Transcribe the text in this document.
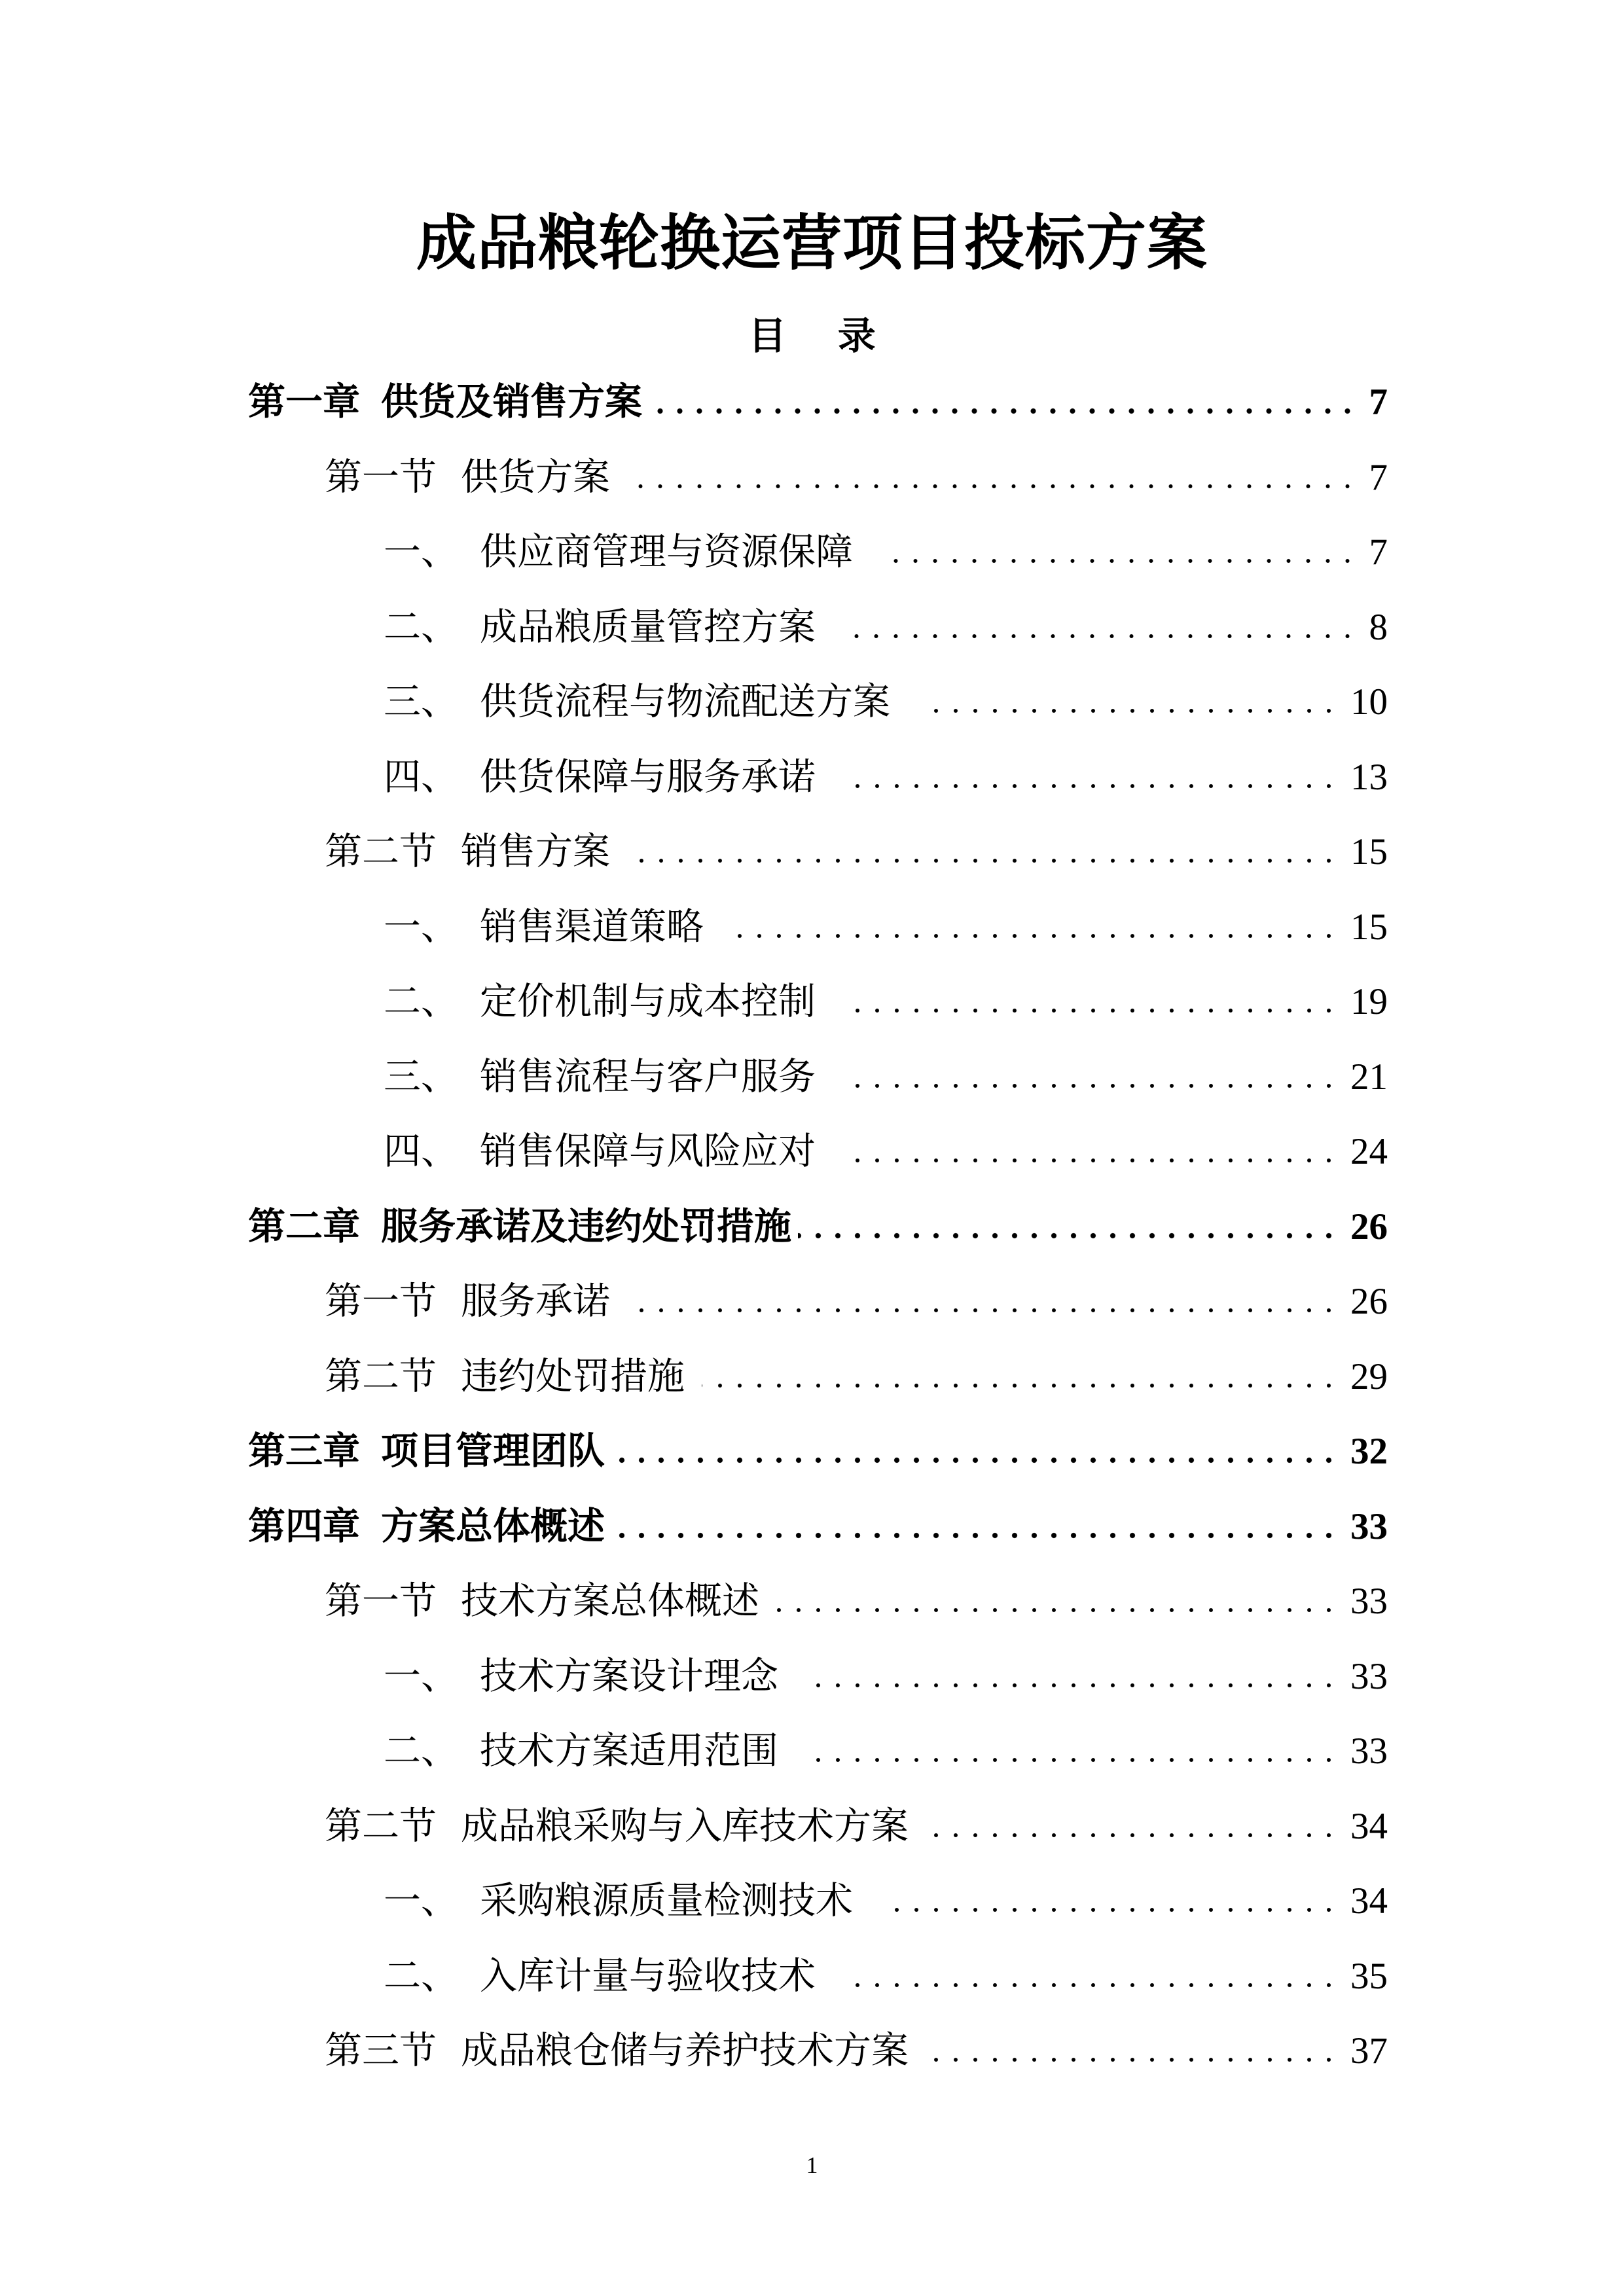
成品粮轮换运营项目投标方案
目 录
第一章 供货及销售方案	7
第一节 供货方案	7
一、 供应商管理与资源保障	7
二、 成品粮质量管控方案	8
三、 供货流程与物流配送方案	10
四、 供货保障与服务承诺	13
第二节 销售方案	15
一、 销售渠道策略	15
二、 定价机制与成本控制	19
三、 销售流程与客户服务	21
四、 销售保障与风险应对	24
第二章 服务承诺及违约处罚措施	26
第一节 服务承诺	26
第二节 违约处罚措施	29
第三章 项目管理团队	32
第四章 方案总体概述	33
第一节 技术方案总体概述	33
一、 技术方案设计理念	33
二、 技术方案适用范围	33
第二节 成品粮采购与入库技术方案	34
一、 采购粮源质量检测技术	34
二、 入库计量与验收技术	35
第三节 成品粮仓储与养护技术方案	37
1
